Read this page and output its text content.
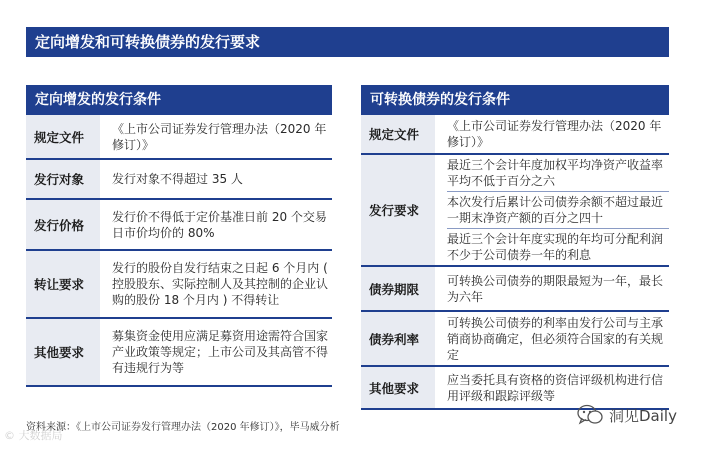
定向增发和可转换债券的发行要求
定向增发的发行条件
规定文件
《上市公司证券发行管理办法（2020 年修订）》
发行对象	发行对象不得超过 35 人
发行价格
发行价不得低于定价基准日前 20 个交易日市价均价的 80%
转让要求
发行的股份自发行结束之日起 6 个月内 ( 控股股东、实际控制人及其控制的企业认购的股份 18 个月内 ) 不得转让
其他要求
募集资金使用应满足募资用途需符合国家产业政策等规定；上市公司及其高管不得有违规行为等
可转换债券的发行条件
规定文件
《上市公司证券发行管理办法（2020 年修订）》
发行要求
最近三个会计年度加权平均净资产收益率平均不低于百分之六
本次发行后累计公司债券余额不超过最近一期末净资产额的百分之四十
最近三个会计年度实现的年均可分配利润不少于公司债券一年的利息
债券期限
可转换公司债券的期限最短为一年，最长为六年
债券利率
可转换公司债券的利率由发行公司与主承销商协商确定，但必须符合国家的有关规定
其他要求
应当委托具有资格的资信评级机构进行信用评级和跟踪评级等
资料来源：《上市公司证券发行管理办法（2020 年修订）》，毕马威分析
© 大数据局
洞见Daily
